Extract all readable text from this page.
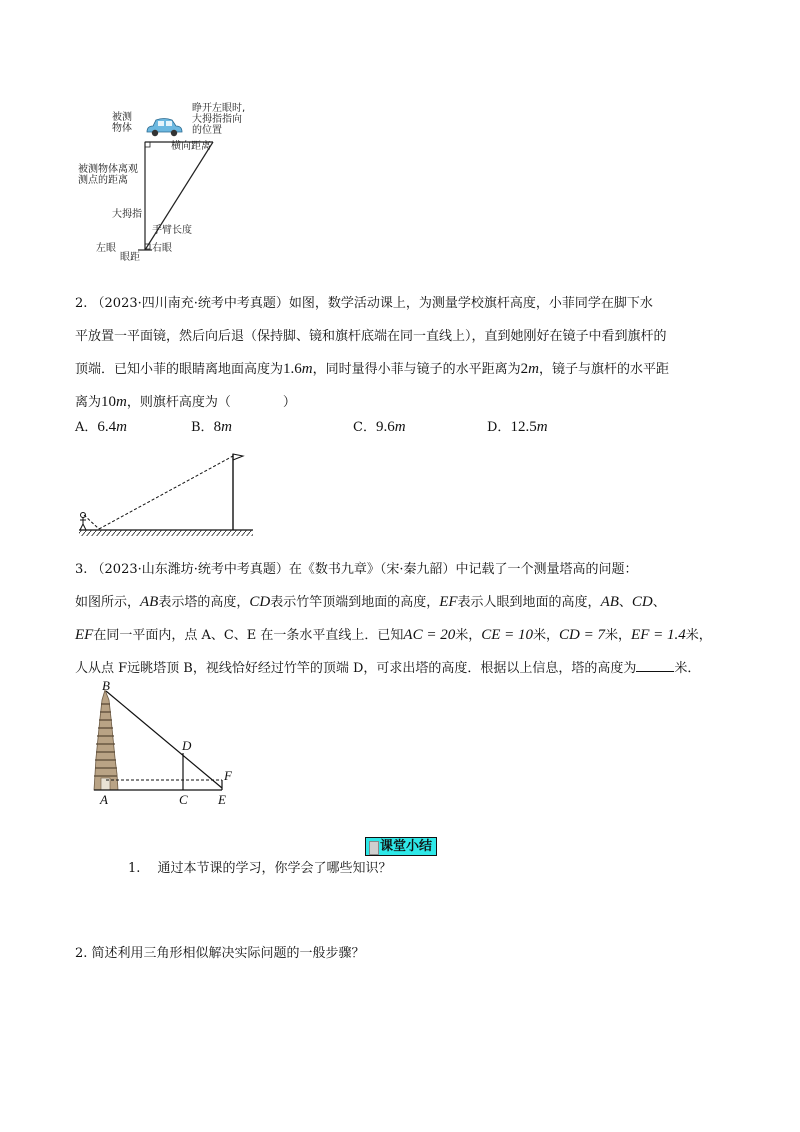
被测
物体
睁开左眼时,
大拇指指向
的位置
横向距离
被测物体离观
测点的距离
大拇指
手臂长度
左眼	右眼
眼距
2. （2023·四川南充·统考中考真题）如图，数学活动课上，为测量学校旗杆高度，小菲同学在脚下水
平放置一平面镜，然后向后退（保持脚、镜和旗杆底端在同一直线上），直到她刚好在镜子中看到旗杆的
顶端．已知小菲的眼睛离地面高度为1.6m，同时量得小菲与镜子的水平距离为2m，镜子与旗杆的水平距
离为10m，则旗杆高度为（　　　　）
A．6.4m	B．8m	C．9.6m	D．12.5m
3. （2023·山东潍坊·统考中考真题）在《数书九章》（宋·秦九韶）中记载了一个测量塔高的问题：
如图所示，AB表示塔的高度，CD表示竹竿顶端到地面的高度，EF表示人眼到地面的高度，AB、CD、
EF在同一平面内，点 A、C、E 在一条水平直线上．已知AC = 20米，CE = 10米，CD = 7米，EF = 1.4米，
人从点 F远眺塔顶 B，视线恰好经过竹竿的顶端 D，可求出塔的高度．根据以上信息，塔的高度为	米．
B
D
F
A	C E
课堂小结
1.　 通过本节课的学习，你学会了哪些知识？
2. 简述利用三角形相似解决实际问题的一般步骤？
